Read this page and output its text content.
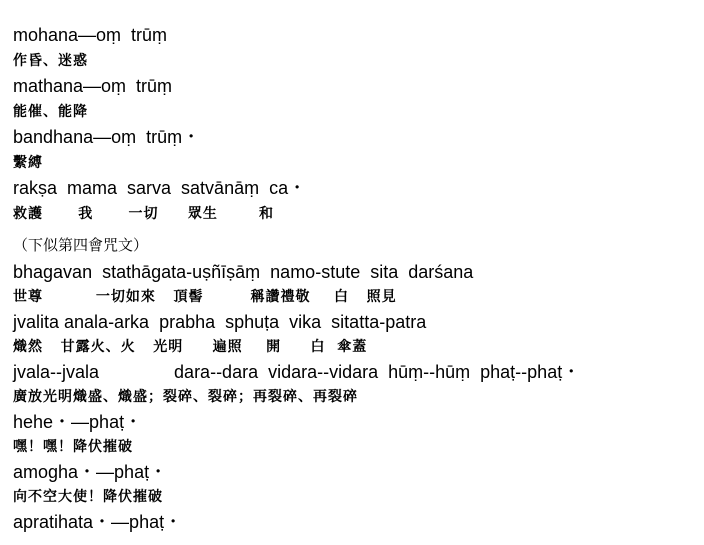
mohana—oṃ  trūṃ
作昏、迷惑
mathana—oṃ  trūṃ
能催、能降
bandhana—oṃ  trūṃ・
繫縛
rakṣa  mama  sarva  satvānāṃ  ca・
救護      我      一切     眾生       和
（下似第四會咒文）
bhagavan  stathāgata-uṣñīṣāṃ  namo-stute  sita  darśana
世尊         一切如來   頂髻        稱讚禮敬    白   照見
jvalita anala-arka  prabha  sphuṭa  vika  sitatta-patra
熾然   甘露火、火   光明     遍照    開     白  傘蓋
jvala--jvala               dara--dara  vidara--vidara  hūṃ--hūṃ  phaṭ--phaṭ・
廣放光明熾盛、熾盛；裂碎、裂碎；再裂碎、再裂碎
hehe・—phaṭ・
嘿！嘿！降伏摧破
amogha・—phaṭ・
向不空大使！降伏摧破
apratihata・—phaṭ・
